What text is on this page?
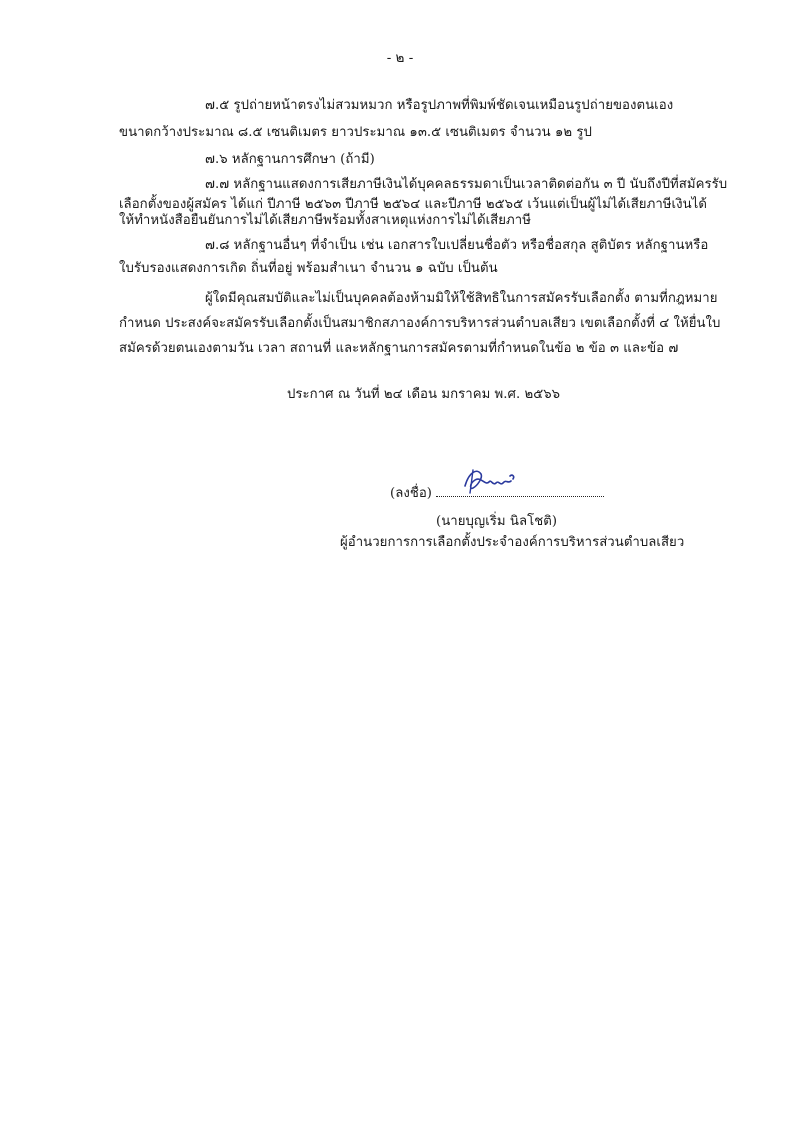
- ๒ -
๗.๕ รูปถ่ายหน้าตรงไม่สวมหมวก หรือรูปภาพที่พิมพ์ชัดเจนเหมือนรูปถ่ายของตนเอง
ขนาดกว้างประมาณ ๘.๕ เซนติเมตร ยาวประมาณ ๑๓.๕ เซนติเมตร จำนวน ๑๒ รูป
๗.๖ หลักฐานการศึกษา (ถ้ามี)
๗.๗ หลักฐานแสดงการเสียภาษีเงินได้บุคคลธรรมดาเป็นเวลาติดต่อกัน ๓ ปี นับถึงปีที่สมัครรับ
เลือกตั้งของผู้สมัคร ได้แก่ ปีภาษี ๒๕๖๓ ปีภาษี ๒๕๖๔ และปีภาษี ๒๕๖๕ เว้นแต่เป็นผู้ไม่ได้เสียภาษีเงินได้
ให้ทำหนังสือยืนยันการไม่ได้เสียภาษีพร้อมทั้งสาเหตุแห่งการไม่ได้เสียภาษี
๗.๘ หลักฐานอื่นๆ ที่จำเป็น เช่น เอกสารใบเปลี่ยนชื่อตัว หรือชื่อสกุล สูติบัตร หลักฐานหรือ
ใบรับรองแสดงการเกิด ถิ่นที่อยู่ พร้อมสำเนา จำนวน ๑ ฉบับ เป็นต้น
ผู้ใดมีคุณสมบัติและไม่เป็นบุคคลต้องห้ามมิให้ใช้สิทธิในการสมัครรับเลือกตั้ง ตามที่กฎหมาย
กำหนด ประสงค์จะสมัครรับเลือกตั้งเป็นสมาชิกสภาองค์การบริหารส่วนตำบลเสียว เขตเลือกตั้งที่ ๔ ให้ยื่นใบ
สมัครด้วยตนเองตามวัน เวลา สถานที่ และหลักฐานการสมัครตามที่กำหนดในข้อ ๒ ข้อ ๓ และข้อ ๗
ประกาศ ณ วันที่ ๒๔ เดือน มกราคม พ.ศ. ๒๕๖๖
(ลงชื่อ)
(นายบุญเริ่ม นิลโชติ)
ผู้อำนวยการการเลือกตั้งประจำองค์การบริหารส่วนตำบลเสียว
